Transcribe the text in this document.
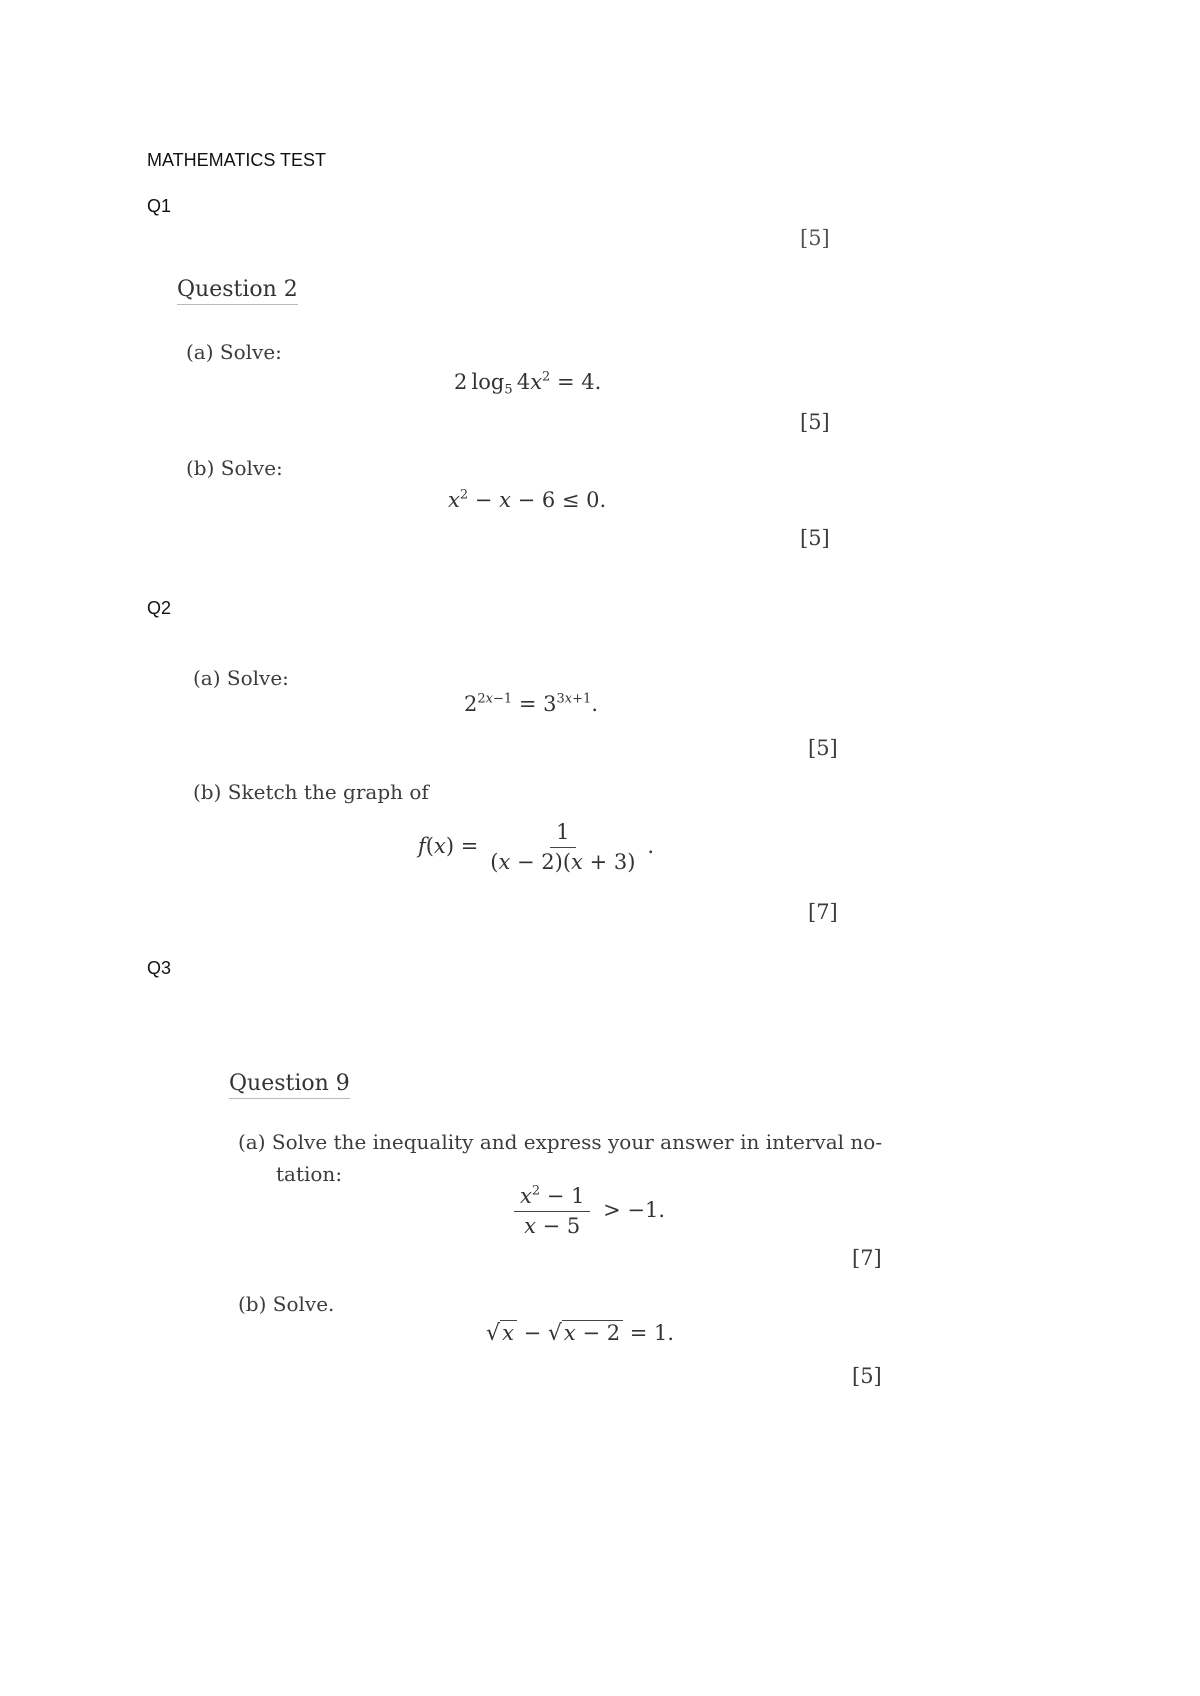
MATHEMATICS TEST
Q1
[5]
Question 2
(a) Solve:
2 $\log_5 4x^2 = 4$.
[5]
(b) Solve:
$x^2 - x - 6 \le 0$.
[5]
Q2
(a) Solve:
$2^{2x-1} = 3^{3x+1}$.
[5]
(b) Sketch the graph of
$f(x) = \frac{1}{(x - 2)(x + 3)}$ .
[7]
Q3
Question 9
(a) Solve the inequality and express your answer in interval no-
tation:
$\frac{x^2 - 1}{x - 5} > -1$.
[7]
(b) Solve.
√ x − √ x − 2 = 1.
[5]
